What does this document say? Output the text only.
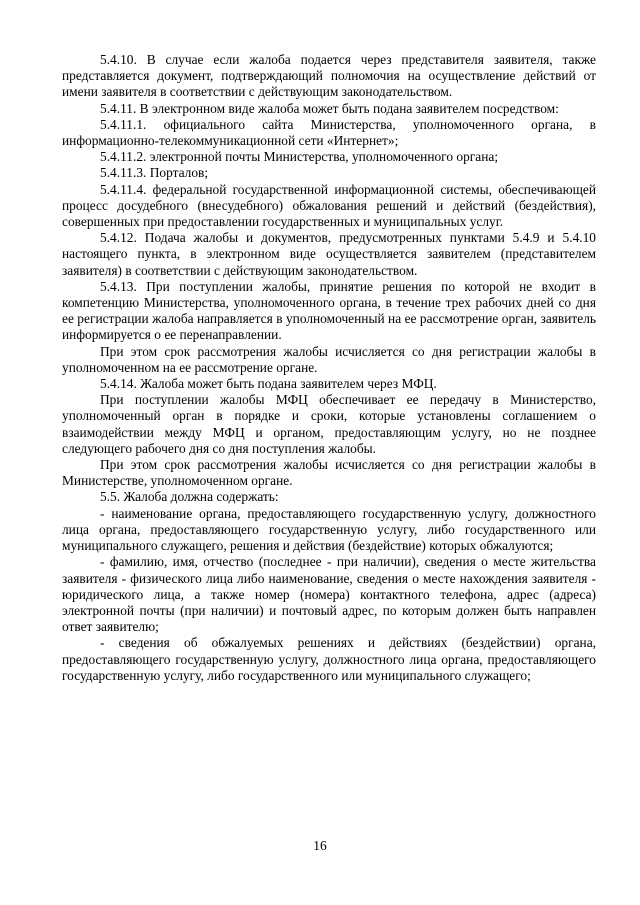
5.4.10. В случае если жалоба подается через представителя заявителя, также представляется документ, подтверждающий полномочия на осуществление действий от имени заявителя в соответствии с действующим законодательством.

5.4.11. В электронном виде жалоба может быть подана заявителем посредством:

5.4.11.1. официального сайта Министерства, уполномоченного органа, в информационно-телекоммуникационной сети «Интернет»;

5.4.11.2. электронной почты Министерства, уполномоченного органа;

5.4.11.3. Порталов;

5.4.11.4. федеральной государственной информационной системы, обеспечивающей процесс досудебного (внесудебного) обжалования решений и действий (бездействия), совершенных при предоставлении государственных и муниципальных услуг.

5.4.12. Подача жалобы и документов, предусмотренных пунктами 5.4.9 и 5.4.10 настоящего пункта, в электронном виде осуществляется заявителем (представителем заявителя) в соответствии с действующим законодательством.

5.4.13. При поступлении жалобы, принятие решения по которой не входит в компетенцию Министерства, уполномоченного органа, в течение трех рабочих дней со дня ее регистрации жалоба направляется в уполномоченный на ее рассмотрение орган, заявитель информируется о ее перенаправлении.

При этом срок рассмотрения жалобы исчисляется со дня регистрации жалобы в уполномоченном на ее рассмотрение органе.

5.4.14. Жалоба может быть подана заявителем через МФЦ.

При поступлении жалобы МФЦ обеспечивает ее передачу в Министерство, уполномоченный орган в порядке и сроки, которые установлены соглашением о взаимодействии между МФЦ и органом, предоставляющим услугу, но не позднее следующего рабочего дня со дня поступления жалобы.

При этом срок рассмотрения жалобы исчисляется со дня регистрации жалобы в Министерстве, уполномоченном органе.

5.5. Жалоба должна содержать:

- наименование органа, предоставляющего государственную услугу, должностного лица органа, предоставляющего государственную услугу, либо государственного или муниципального служащего, решения и действия (бездействие) которых обжалуются;

- фамилию, имя, отчество (последнее - при наличии), сведения о месте жительства заявителя - физического лица либо наименование, сведения о месте нахождения заявителя - юридического лица, а также номер (номера) контактного телефона, адрес (адреса) электронной почты (при наличии) и почтовый адрес, по которым должен быть направлен ответ заявителю;

- сведения об обжалуемых решениях и действиях (бездействии) органа, предоставляющего государственную услугу, должностного лица органа, предоставляющего государственную услугу, либо государственного или муниципального служащего;

16
